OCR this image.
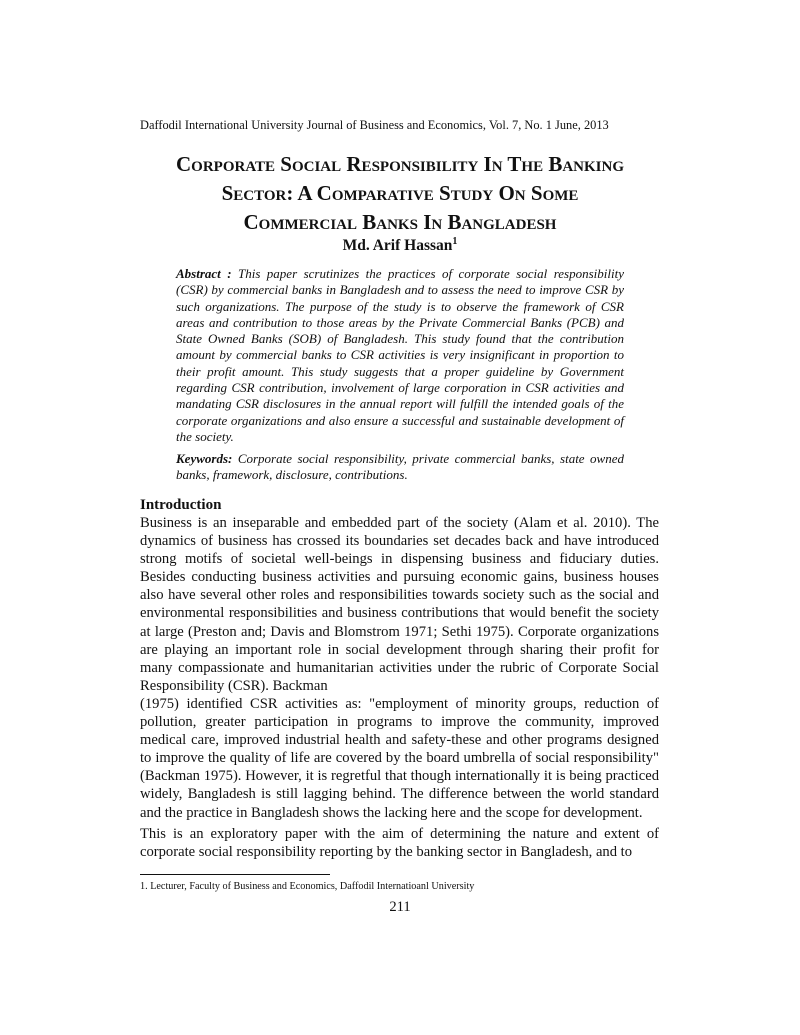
Daffodil International University Journal of Business and Economics, Vol. 7, No. 1 June, 2013
Corporate Social Responsibility In The Banking
Sector: A Comparative Study On Some
Commercial Banks In Bangladesh
Md. Arif Hassan$^1$
Abstract : This paper scrutinizes the practices of corporate social responsibility (CSR) by commercial banks in Bangladesh and to assess the need to improve CSR by such organizations. The purpose of the study is to observe the framework of CSR areas and contribution to those areas by the Private Commercial Banks (PCB) and State Owned Banks (SOB) of Bangladesh. This study found that the contribution amount by commercial banks to CSR activities is very insignificant in proportion to their profit amount. This study suggests that a proper guideline by Government regarding CSR contribution, involvement of large corporation in CSR activities and mandating CSR disclosures in the annual report will fulfill the intended goals of the corporate organizations and also ensure a successful and sustainable development of the society.
Keywords: Corporate social responsibility, private commercial banks, state owned banks, framework, disclosure, contributions.
Introduction
Business is an inseparable and embedded part of the society (Alam et al. 2010). The dynamics of business has crossed its boundaries set decades back and have introduced strong motifs of societal well-beings in dispensing business and fiduciary duties. Besides conducting business activities and pursuing economic gains, business houses also have several other roles and responsibilities towards society such as the social and environmental responsibilities and business contributions that would benefit the society at large (Preston and; Davis and Blomstrom 1971; Sethi 1975). Corporate organizations are playing an important role in social development through sharing their profit for many compassionate and humanitarian activities under the rubric of Corporate Social Responsibility (CSR). Backman
(1975) identified CSR activities as: "employment of minority groups, reduction of pollution, greater participation in programs to improve the community, improved medical care, improved industrial health and safety-these and other programs designed to improve the quality of life are covered by the board umbrella of social responsibility" (Backman 1975). However, it is regretful that though internationally it is being practiced widely, Bangladesh is still lagging behind. The difference between the world standard and the practice in Bangladesh shows the lacking here and the scope for development.
This is an exploratory paper with the aim of determining the nature and extent of corporate social responsibility reporting by the banking sector in Bangladesh, and to
1. Lecturer, Faculty of Business and Economics, Daffodil Internatioanl University
211
